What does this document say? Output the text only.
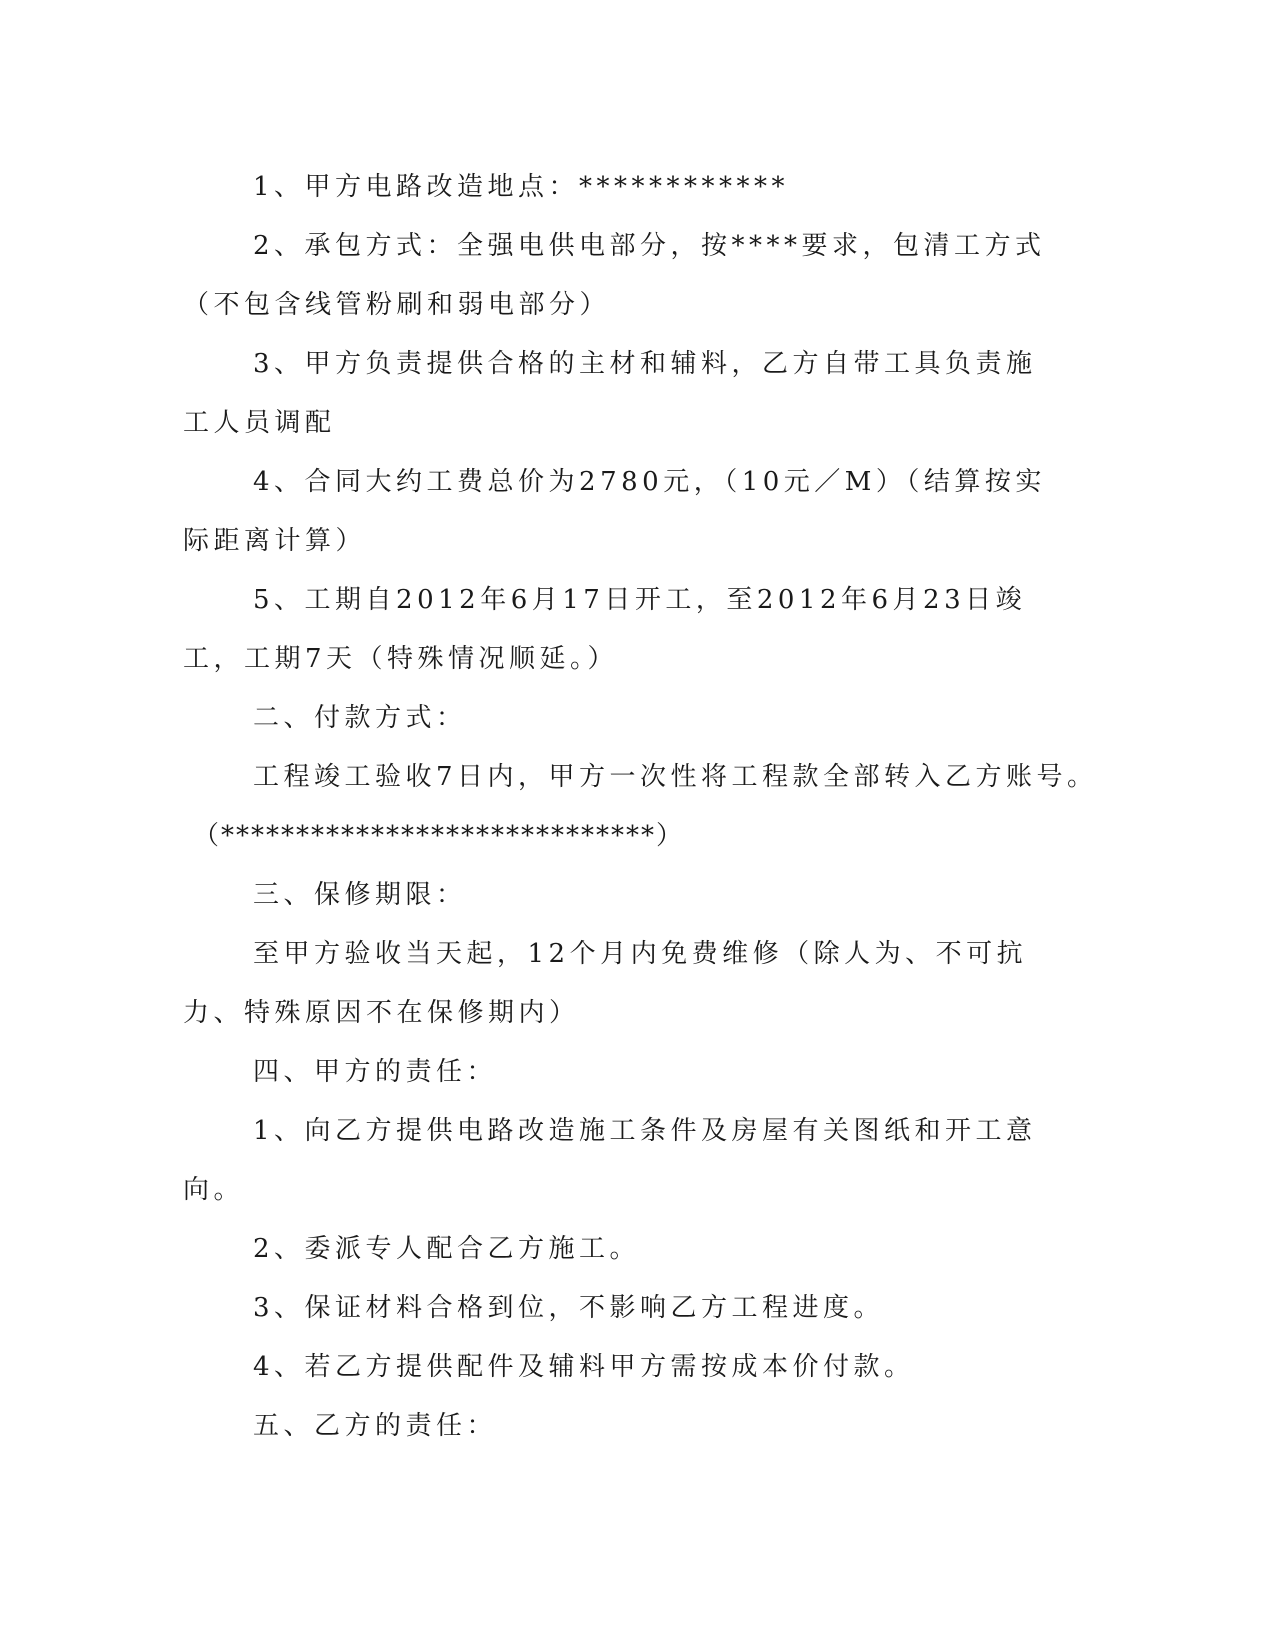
1、甲方电路改造地点：************

2、承包方式：全强电供电部分，按****要求，包清工方式（不包含线管粉刷和弱电部分）

3、甲方负责提供合格的主材和辅料，乙方自带工具负责施工人员调配

4、合同大约工费总价为2780元，（10元／M）（结算按实际距离计算）

5、工期自2012年6月17日开工，至2012年6月23日竣工，工期7天（特殊情况顺延。）

二、付款方式：

工程竣工验收7日内，甲方一次性将工程款全部转入乙方账号。

（*****************************）

三、保修期限：

至甲方验收当天起，12个月内免费维修（除人为、不可抗力、特殊原因不在保修期内）

四、甲方的责任：

1、向乙方提供电路改造施工条件及房屋有关图纸和开工意向。

2、委派专人配合乙方施工。

3、保证材料合格到位，不影响乙方工程进度。

4、若乙方提供配件及辅料甲方需按成本价付款。

五、乙方的责任：
